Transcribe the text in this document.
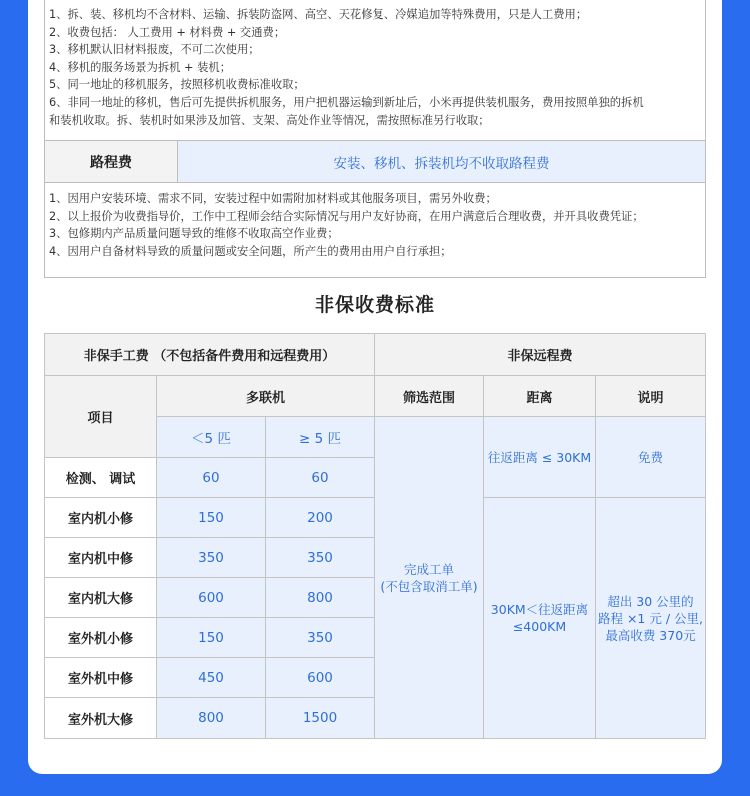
1、拆、装、移机均不含材料、运输、拆装防盗网、高空、天花修复、冷媒追加等特殊费用，只是人工费用；
2、收费包括： 人工费用 + 材料费 + 交通费；
3、移机默认旧材料报废，不可二次使用；
4、移机的服务场景为拆机 + 装机；
5、同一地址的移机服务，按照移机收费标准收取；
6、非同一地址的移机，售后可先提供拆机服务，用户把机器运输到新址后，小米再提供装机服务，费用按照单独的拆机
和装机收取。拆、装机时如果涉及加管、支架、高处作业等情况，需按照标准另行收取；
路程费	安装、移机、拆装机均不收取路程费
1、因用户安装环境、需求不同，安装过程中如需附加材料或其他服务项目，需另外收费；
2、以上报价为收费指导价，工作中工程师会结合实际情况与用户友好协商，在用户满意后合理收费，并开具收费凭证；
3、包修期内产品质量问题导致的维修不收取高空作业费；
4、因用户自备材料导致的质量问题或安全问题，所产生的费用由用户自行承担；
非保收费标准
非保手工费 （不包括备件费用和远程费用）	非保远程费
项目
多联机
＜5 匹	≥ 5 匹
筛选范围	距离	说明
检测、 调试	60	60
室内机小修	150	200
室内机中修	350	350
室内机大修	600	800
室外机小修	150	350
室外机中修	450	600
室外机大修	800	1500
完成工单
(不包含取消工单)
往返距离 ≤ 30KM	免费
30KM＜往返距离
≤400KM
超出 30 公里的
路程 ×1 元 / 公里,
最高收费 370元
